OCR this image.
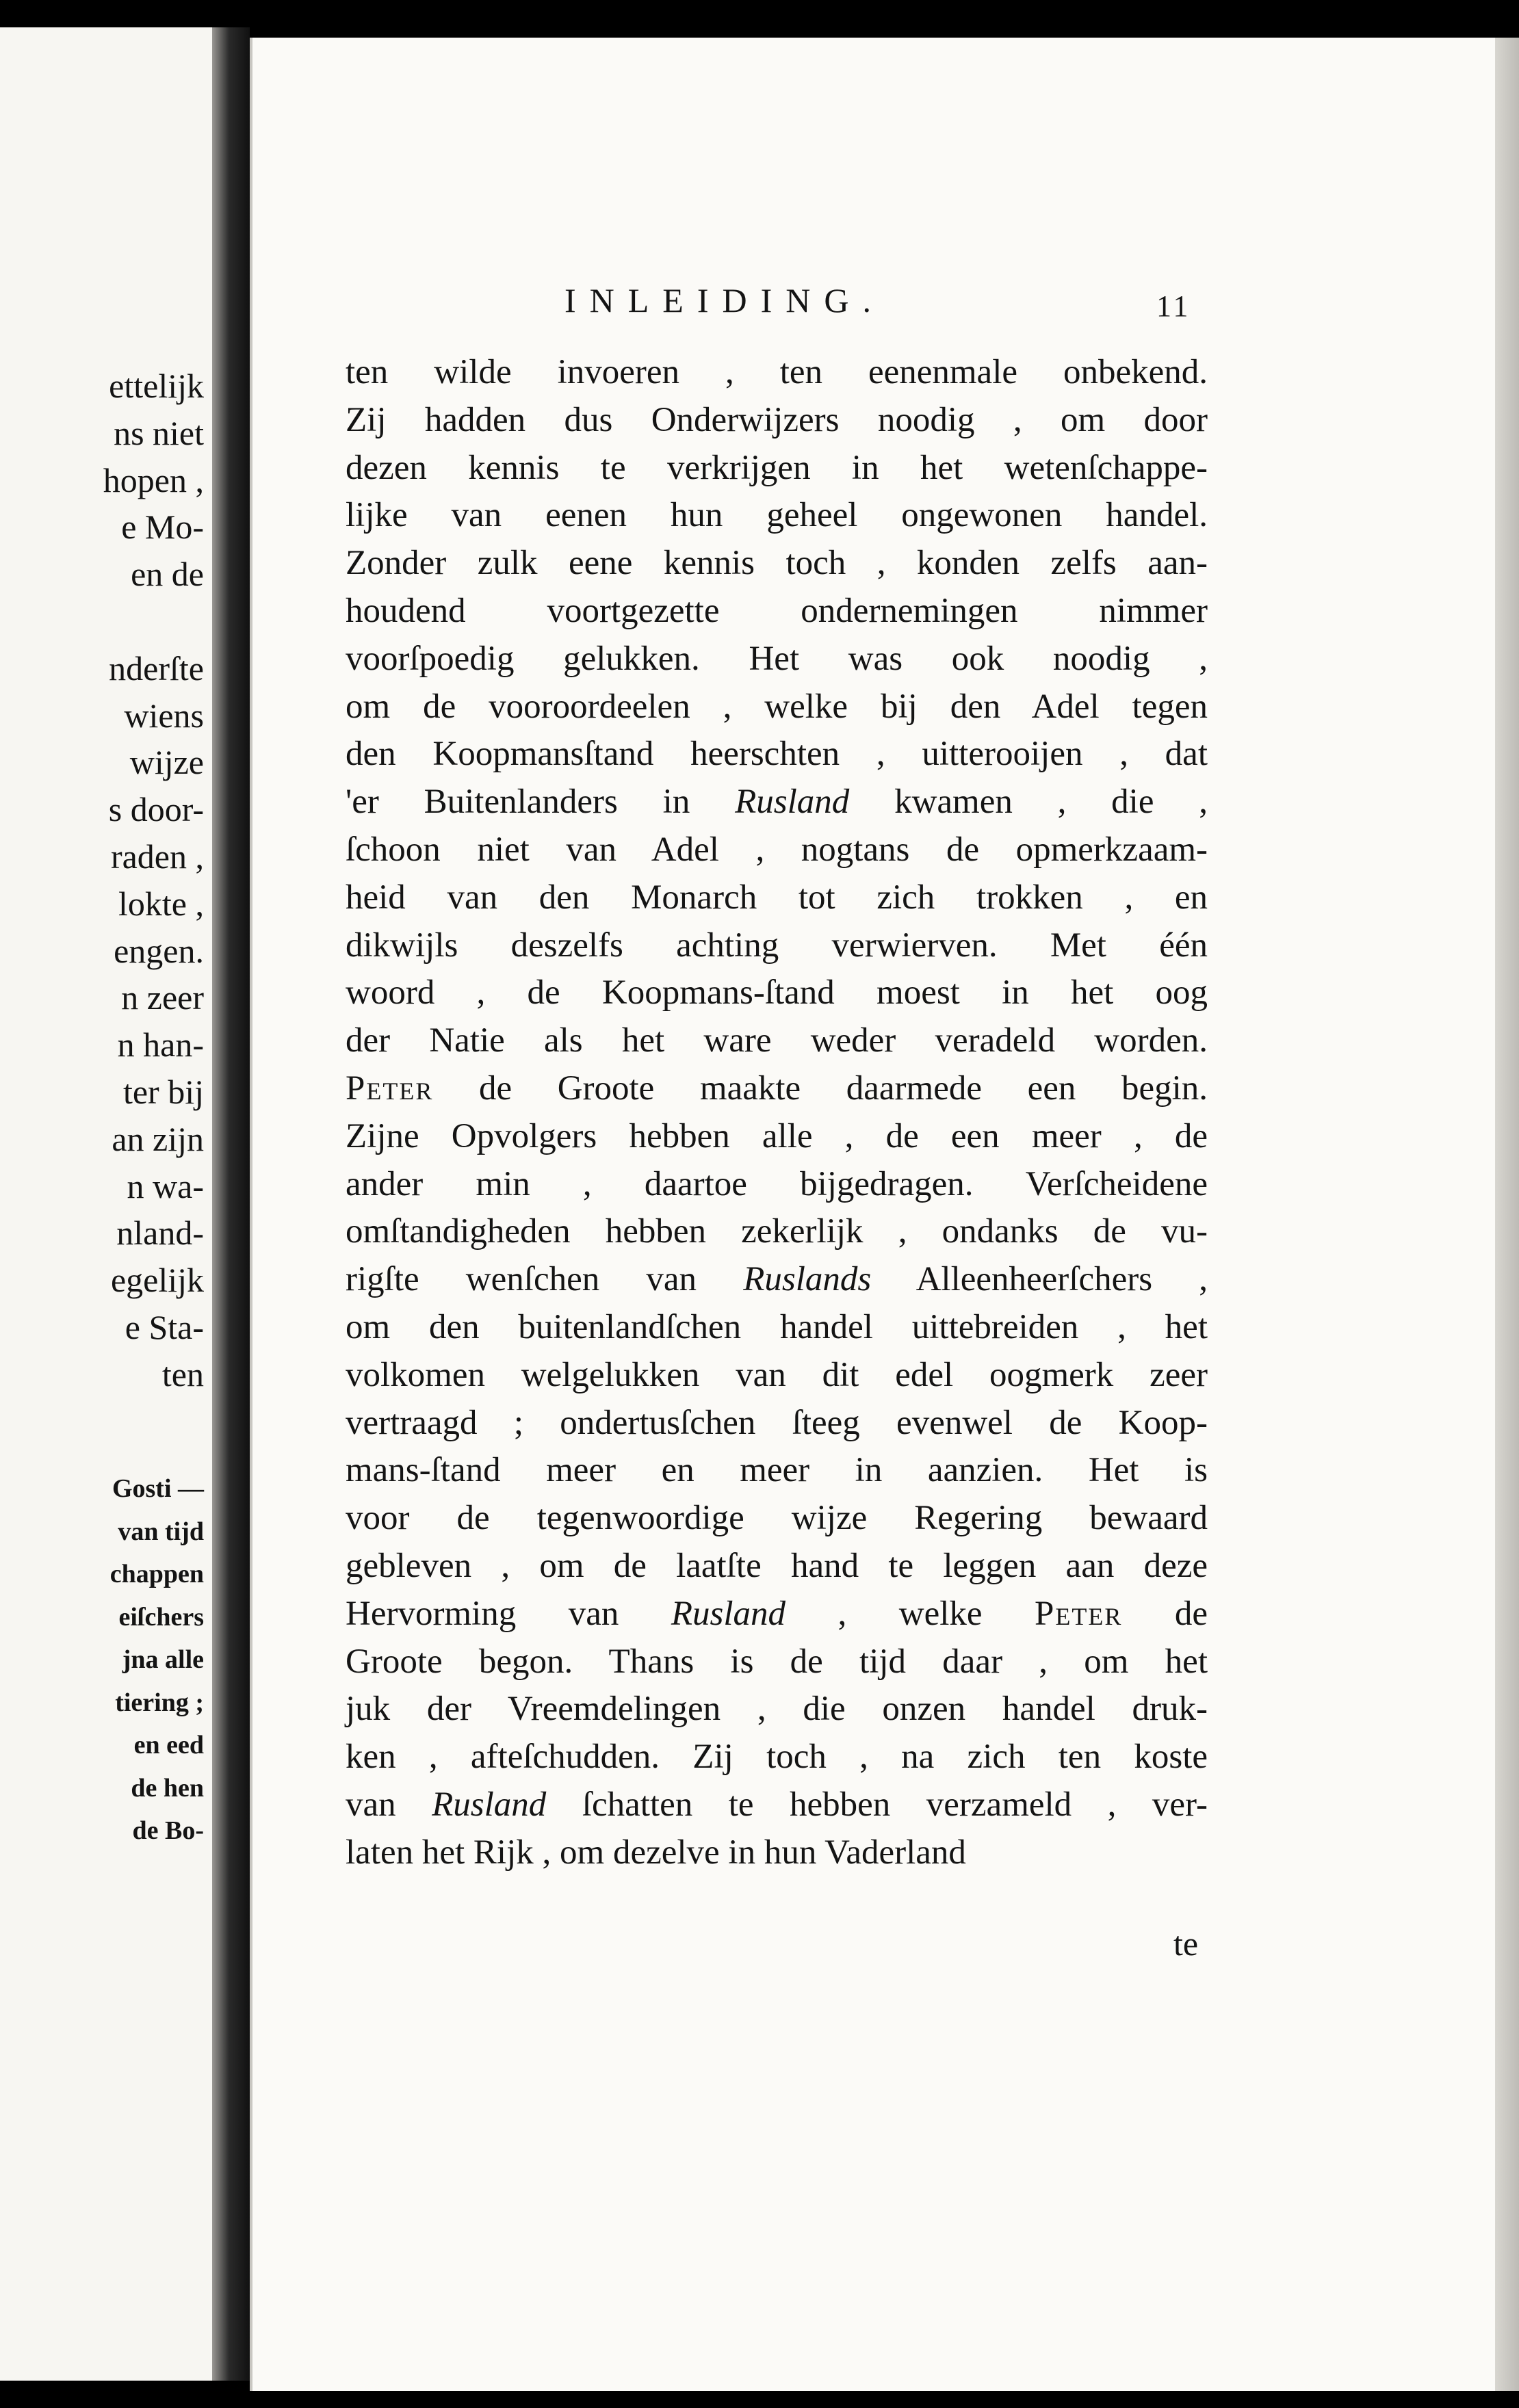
ettelijk
ns niet
hopen ,
e Mo-
en de

nderſte
wiens
wijze
s door-
raden ,
lokte ,
engen.
n zeer
n han-
ter bij
an zijn
n wa-
nland-
egelijk
e Sta-
ten
Gosti —
van tijd
chappen
eiſchers
jna alle
tiering ;
en eed
de hen
de Bo-
INLEIDING.	11
ten wilde invoeren , ten eenenmale onbekend.
Zij hadden dus Onderwijzers noodig , om door
dezen kennis te verkrijgen in het wetenſchappe-
lijke van eenen hun geheel ongewonen handel.
Zonder zulk eene kennis toch , konden zelfs aan-
houdend voortgezette ondernemingen nimmer
voorſpoedig gelukken. Het was ook noodig ,
om de vooroordeelen , welke bij den Adel tegen
den Koopmansſtand heerschten , uitterooijen , dat
'er Buitenlanders in Rusland kwamen , die ,
ſchoon niet van Adel , nogtans de opmerkzaam-
heid van den Monarch tot zich trokken , en
dikwijls deszelfs achting verwierven. Met één
woord , de Koopmans-ſtand moest in het oog
der Natie als het ware weder veradeld worden.
Peter de Groote maakte daarmede een begin.
Zijne Opvolgers hebben alle , de een meer , de
ander min , daartoe bijgedragen. Verſcheidene
omſtandigheden hebben zekerlijk , ondanks de vu-
rigſte wenſchen van Ruslands Alleenheerſchers ,
om den buitenlandſchen handel uittebreiden , het
volkomen welgelukken van dit edel oogmerk zeer
vertraagd ; ondertusſchen ſteeg evenwel de Koop-
mans-ſtand meer en meer in aanzien. Het is
voor de tegenwoordige wijze Regering bewaard
gebleven , om de laatſte hand te leggen aan deze
Hervorming van Rusland , welke Peter de
Groote begon. Thans is de tijd daar , om het
juk der Vreemdelingen , die onzen handel druk-
ken , afteſchudden. Zij toch , na zich ten koste
van Rusland ſchatten te hebben verzameld , ver-
laten het Rijk , om dezelve in hun Vaderland
te
